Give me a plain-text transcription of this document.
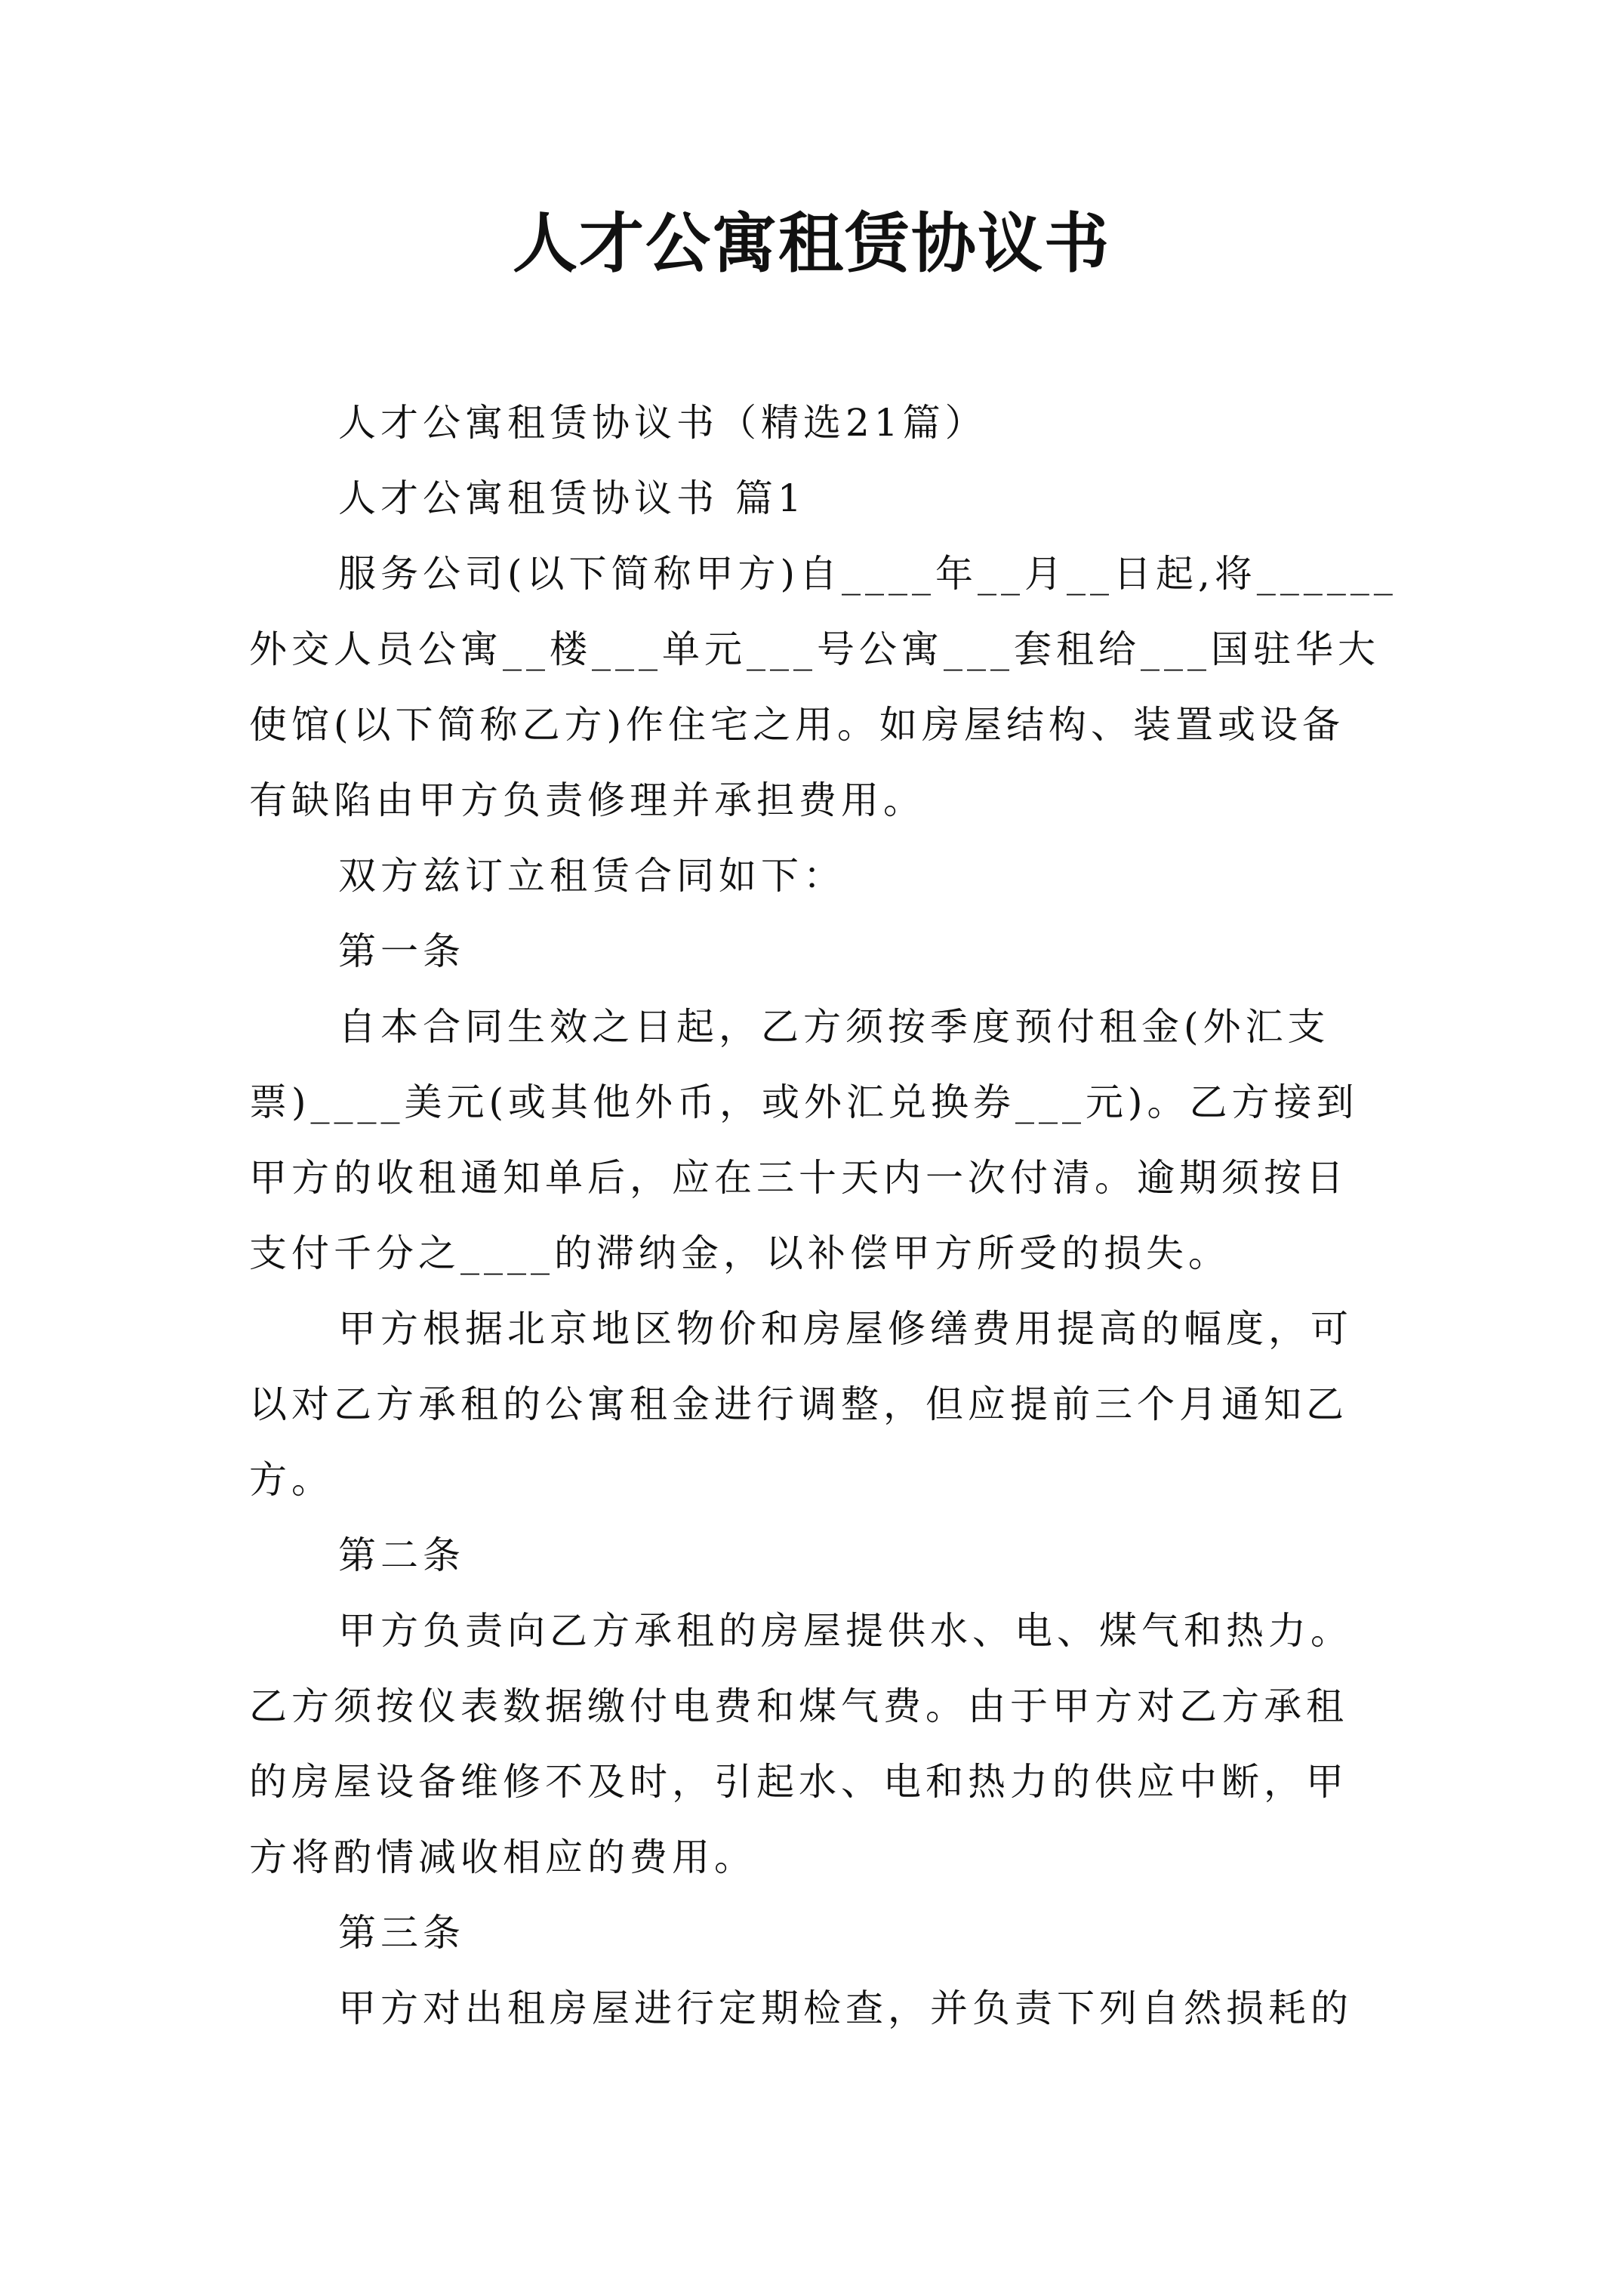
人才公寓租赁协议书

人才公寓租赁协议书（精选21篇）

人才公寓租赁协议书 篇1

服务公司(以下简称甲方)自____年__月__日起,将______

外交人员公寓__楼___单元___号公寓___套租给___国驻华大

使馆(以下简称乙方)作住宅之用。如房屋结构、装置或设备

有缺陷由甲方负责修理并承担费用。

双方兹订立租赁合同如下：

第一条

自本合同生效之日起，乙方须按季度预付租金(外汇支

票)____美元(或其他外币，或外汇兑换券___元)。乙方接到

甲方的收租通知单后，应在三十天内一次付清。逾期须按日

支付千分之____的滞纳金，以补偿甲方所受的损失。

甲方根据北京地区物价和房屋修缮费用提高的幅度，可

以对乙方承租的公寓租金进行调整，但应提前三个月通知乙

方。

第二条

甲方负责向乙方承租的房屋提供水、电、煤气和热力。

乙方须按仪表数据缴付电费和煤气费。由于甲方对乙方承租

的房屋设备维修不及时，引起水、电和热力的供应中断，甲

方将酌情减收相应的费用。

第三条

甲方对出租房屋进行定期检查，并负责下列自然损耗的
